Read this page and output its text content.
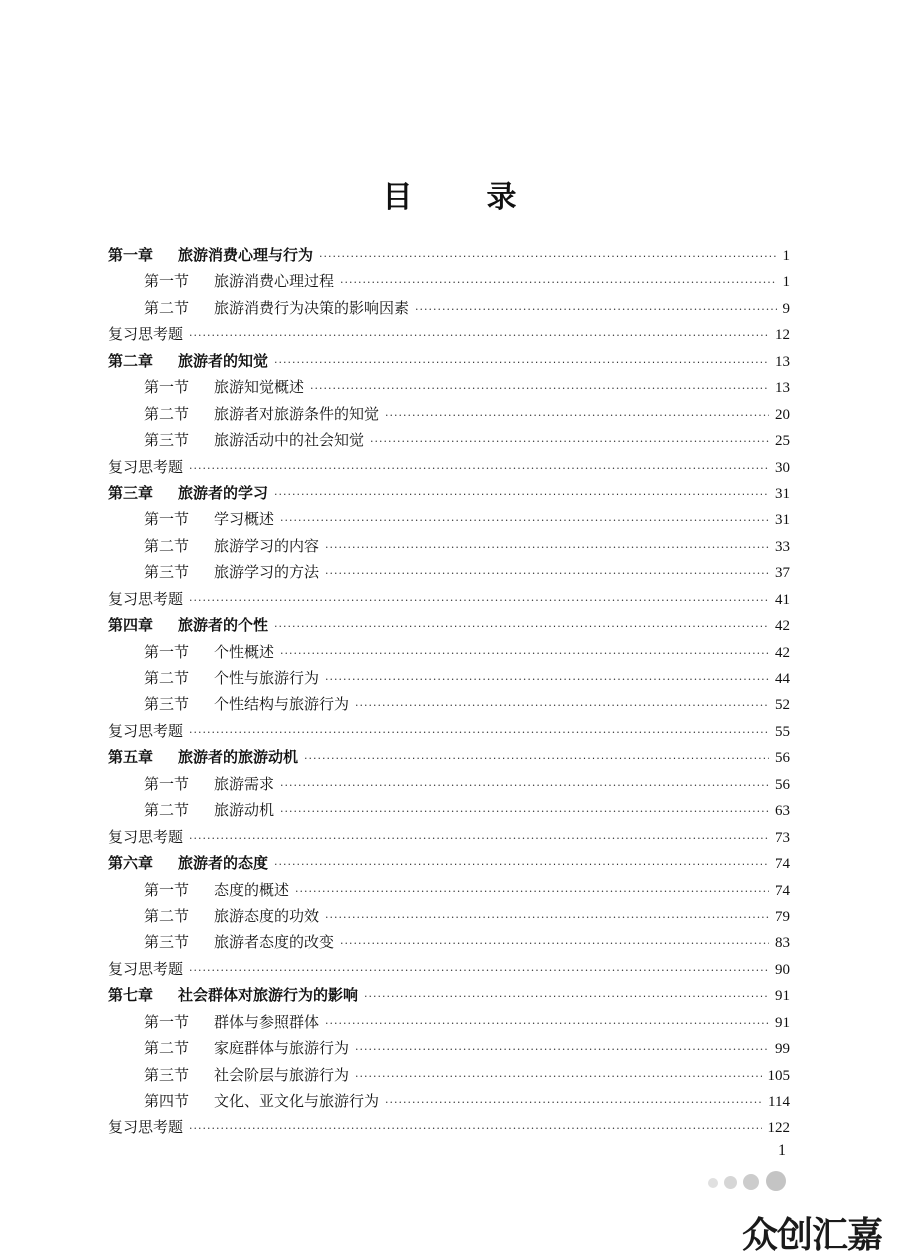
目 录
第一章	旅游消费心理与行为 ·····	1
第一节	旅游消费心理过程 ·····	1
第二节	旅游消费行为决策的影响因素 ·····	9
复习思考题 ·····	12
第二章	旅游者的知觉 ·····	13
第一节	旅游知觉概述 ·····	13
第二节	旅游者对旅游条件的知觉 ·····	20
第三节	旅游活动中的社会知觉 ·····	25
复习思考题 ·····	30
第三章	旅游者的学习 ·····	31
第一节	学习概述 ·····	31
第二节	旅游学习的内容 ·····	33
第三节	旅游学习的方法 ·····	37
复习思考题 ·····	41
第四章	旅游者的个性 ·····	42
第一节	个性概述 ·····	42
第二节	个性与旅游行为 ·····	44
第三节	个性结构与旅游行为 ·····	52
复习思考题 ·····	55
第五章	旅游者的旅游动机 ·····	56
第一节	旅游需求 ·····	56
第二节	旅游动机 ·····	63
复习思考题 ·····	73
第六章	旅游者的态度 ·····	74
第一节	态度的概述 ·····	74
第二节	旅游态度的功效 ·····	79
第三节	旅游者态度的改变 ·····	83
复习思考题 ·····	90
第七章	社会群体对旅游行为的影响 ·····	91
第一节	群体与参照群体 ·····	91
第二节	家庭群体与旅游行为 ·····	99
第三节	社会阶层与旅游行为 ·····	105
第四节	文化、亚文化与旅游行为 ·····	114
复习思考题 ·····	122
1
众创汇嘉
